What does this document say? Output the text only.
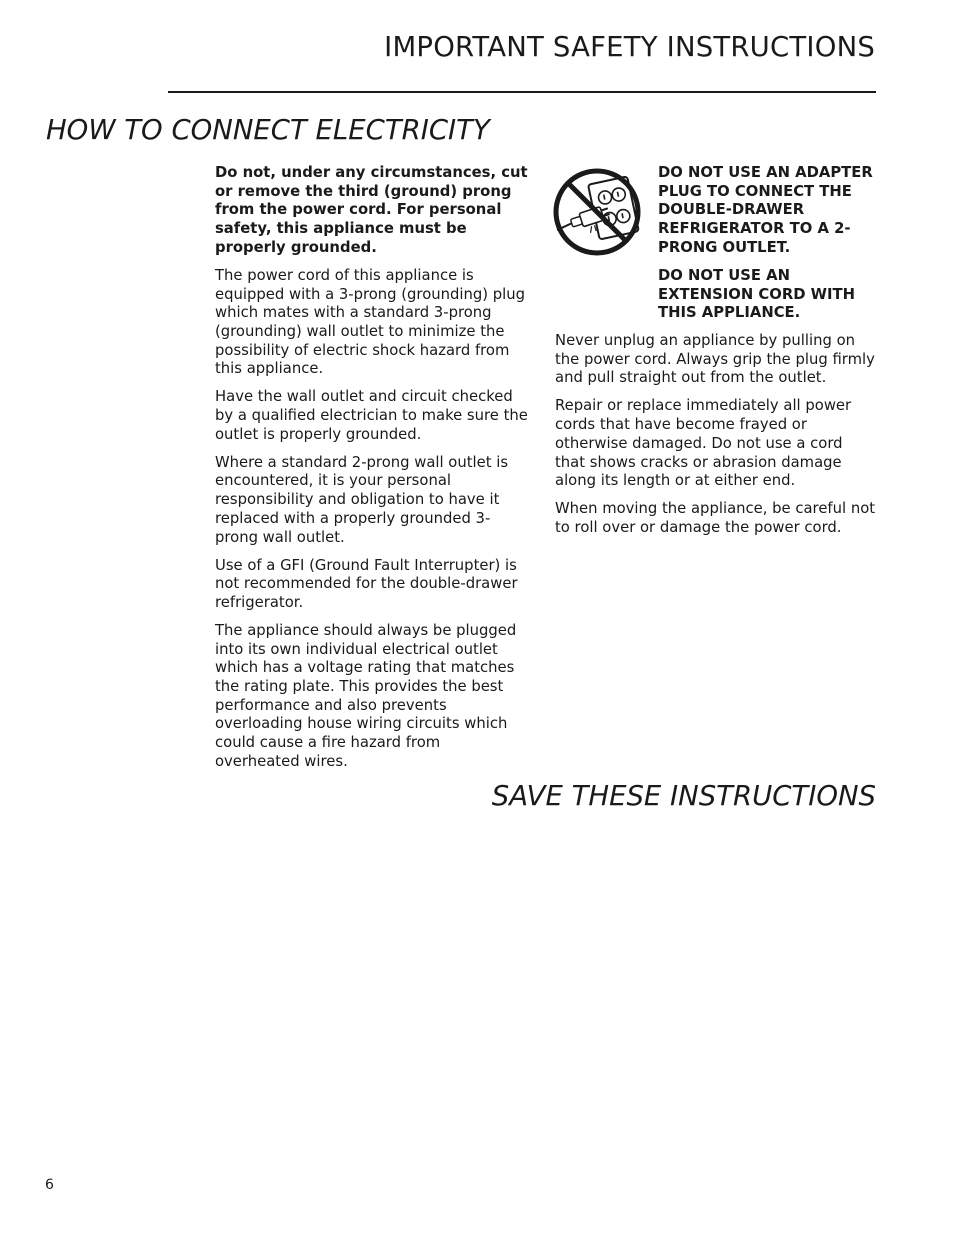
IMPORTANT SAFETY INSTRUCTIONS
HOW TO CONNECT ELECTRICITY

Do not, under any circumstances, cut or remove the third (ground) prong from the power cord. For personal safety, this appliance must be properly grounded.

The power cord of this appliance is equipped with a 3-prong (grounding) plug which mates with a standard 3-prong (grounding) wall outlet to minimize the possibility of electric shock hazard from this appliance.

Have the wall outlet and circuit checked by a qualified electrician to make sure the outlet is properly grounded.

Where a standard 2-prong wall outlet is encountered, it is your personal responsibility and obligation to have it replaced with a properly grounded 3-prong wall outlet.

Use of a GFI (Ground Fault Interrupter) is not recommended for the double-drawer refrigerator.

The appliance should always be plugged into its own individual electrical outlet which has a voltage rating that matches the rating plate. This provides the best performance and also prevents overloading house wiring circuits which could cause a fire hazard from overheated wires.

DO NOT USE AN ADAPTER PLUG TO CONNECT THE DOUBLE-DRAWER REFRIGERATOR TO A 2-PRONG OUTLET.

DO NOT USE AN EXTENSION CORD WITH THIS APPLIANCE.

Never unplug an appliance by pulling on the power cord. Always grip the plug firmly and pull straight out from the outlet.

Repair or replace immediately all power cords that have become frayed or otherwise damaged. Do not use a cord that shows cracks or abrasion damage along its length or at either end.

When moving the appliance, be careful not to roll over or damage the power cord.

SAVE THESE INSTRUCTIONS
6
